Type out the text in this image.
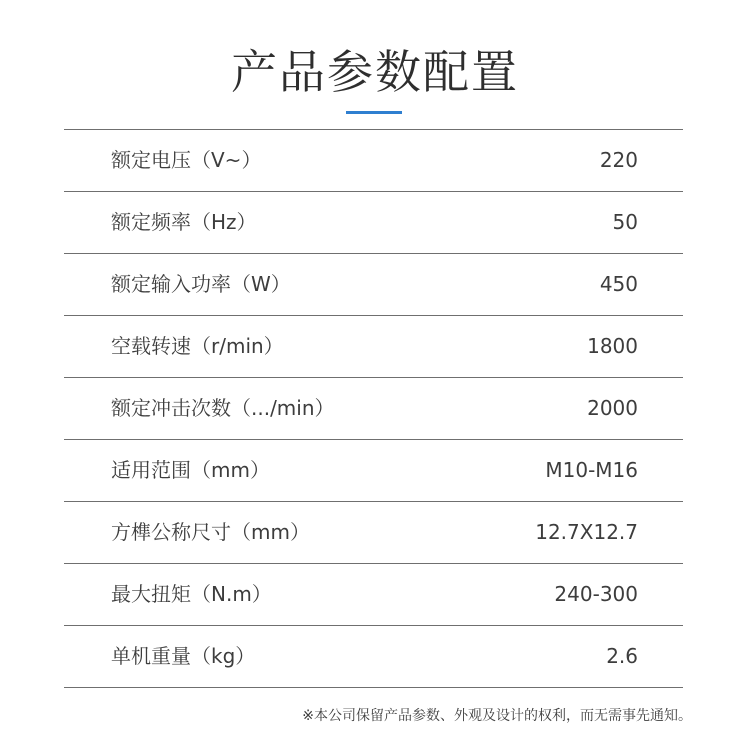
产品参数配置
额定电压（V~）	220
额定频率（Hz）	50
额定输入功率（W）	450
空载转速（r/min）	1800
额定冲击次数（.../min）	2000
适用范围（mm）	M10-M16
方榫公称尺寸（mm）	12.7X12.7
最大扭矩（N.m）	240-300
单机重量（kg）	2.6
※本公司保留产品参数、外观及设计的权利，而无需事先通知。
